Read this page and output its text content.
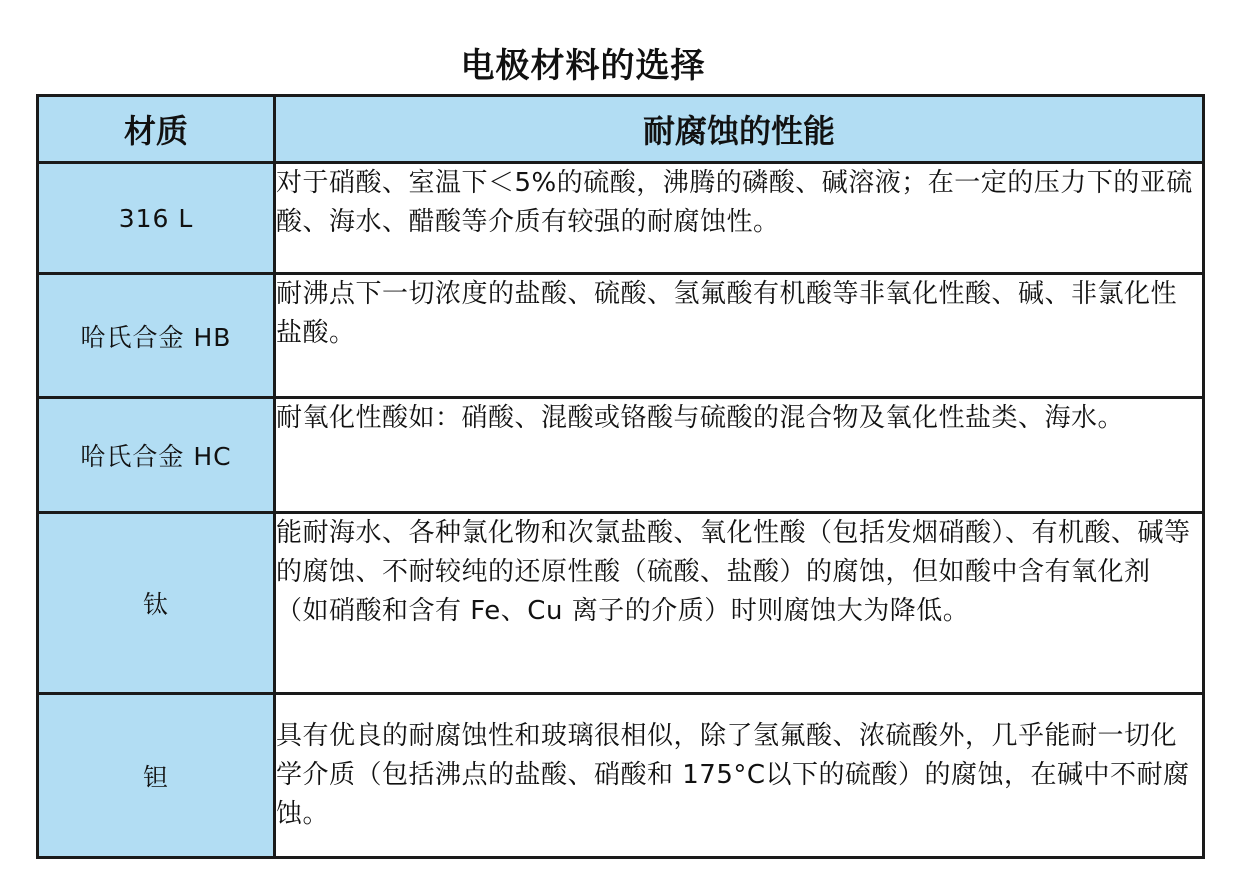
电极材料的选择
材质	耐腐蚀的性能
316 L	对于硝酸、室温下＜5%的硫酸，沸腾的磷酸、碱溶液；在一定的压力下的亚硫酸、海水、醋酸等介质有较强的耐腐蚀性。
哈氏合金 HB	耐沸点下一切浓度的盐酸、硫酸、氢氟酸有机酸等非氧化性酸、碱、非氯化性盐酸。
哈氏合金 HC	耐氧化性酸如：硝酸、混酸或铬酸与硫酸的混合物及氧化性盐类、海水。
钛	能耐海水、各种氯化物和次氯盐酸、氧化性酸（包括发烟硝酸）、有机酸、碱等的腐蚀、不耐较纯的还原性酸（硫酸、盐酸）的腐蚀，但如酸中含有氧化剂（如硝酸和含有 Fe、Cu 离子的介质）时则腐蚀大为降低。
钽	具有优良的耐腐蚀性和玻璃很相似，除了氢氟酸、浓硫酸外，几乎能耐一切化学介质（包括沸点的盐酸、硝酸和 175°C以下的硫酸）的腐蚀，在碱中不耐腐蚀。
